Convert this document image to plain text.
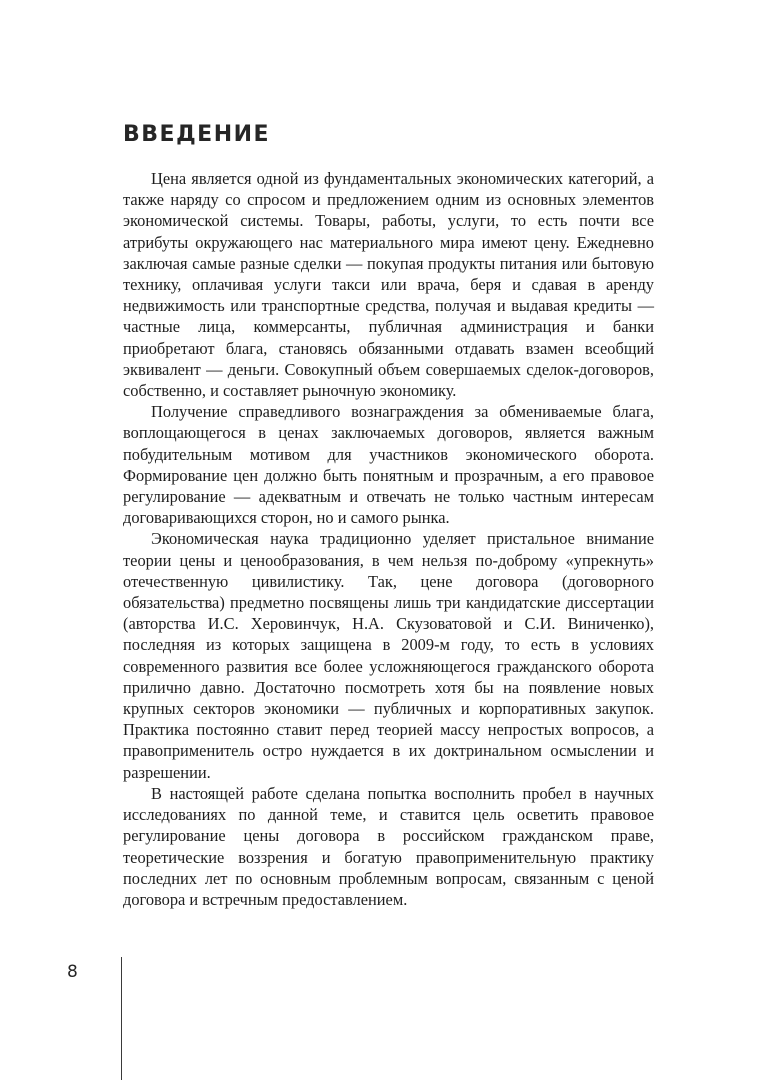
ВВЕДЕНИЕ

Цена является одной из фундаментальных экономических категорий, а также наряду со спросом и предложением одним из основных элементов экономической системы. Товары, работы, услуги, то есть почти все атрибуты окружающего нас материального мира имеют цену. Ежедневно заключая самые разные сделки — покупая продукты питания или бытовую технику, оплачивая услуги такси или врача, беря и сдавая в аренду недвижимость или транспортные средства, получая и выдавая кредиты — частные лица, коммерсанты, публичная администрация и банки приобретают блага, становясь обязанными отдавать взамен всеобщий эквивалент — деньги. Совокупный объем совершаемых сделок-договоров, собственно, и составляет рыночную экономику.

Получение справедливого вознаграждения за обмениваемые блага, воплощающегося в ценах заключаемых договоров, является важным побудительным мотивом для участников экономического оборота. Формирование цен должно быть понятным и прозрачным, а его правовое регулирование — адекватным и отвечать не только частным интересам договаривающихся сторон, но и самого рынка.

Экономическая наука традиционно уделяет пристальное внимание теории цены и ценообразования, в чем нельзя по-доброму «упрекнуть» отечественную цивилистику. Так, цене договора (договорного обязательства) предметно посвящены лишь три кандидатские диссертации (авторства И.С. Херовинчук, Н.А. Скузоватовой и С.И. Виниченко), последняя из которых защищена в 2009-м году, то есть в условиях современного развития все более усложняющегося гражданского оборота прилично давно. Достаточно посмотреть хотя бы на появление новых крупных секторов экономики — публичных и корпоративных закупок. Практика постоянно ставит перед теорией массу непростых вопросов, а правоприменитель остро нуждается в их доктринальном осмыслении и разрешении.

В настоящей работе сделана попытка восполнить пробел в научных исследованиях по данной теме, и ставится цель осветить правовое регулирование цены договора в российском гражданском праве, теоретические воззрения и богатую правоприменительную практику последних лет по основным проблемным вопросам, связанным с ценой договора и встречным предоставлением.

8
